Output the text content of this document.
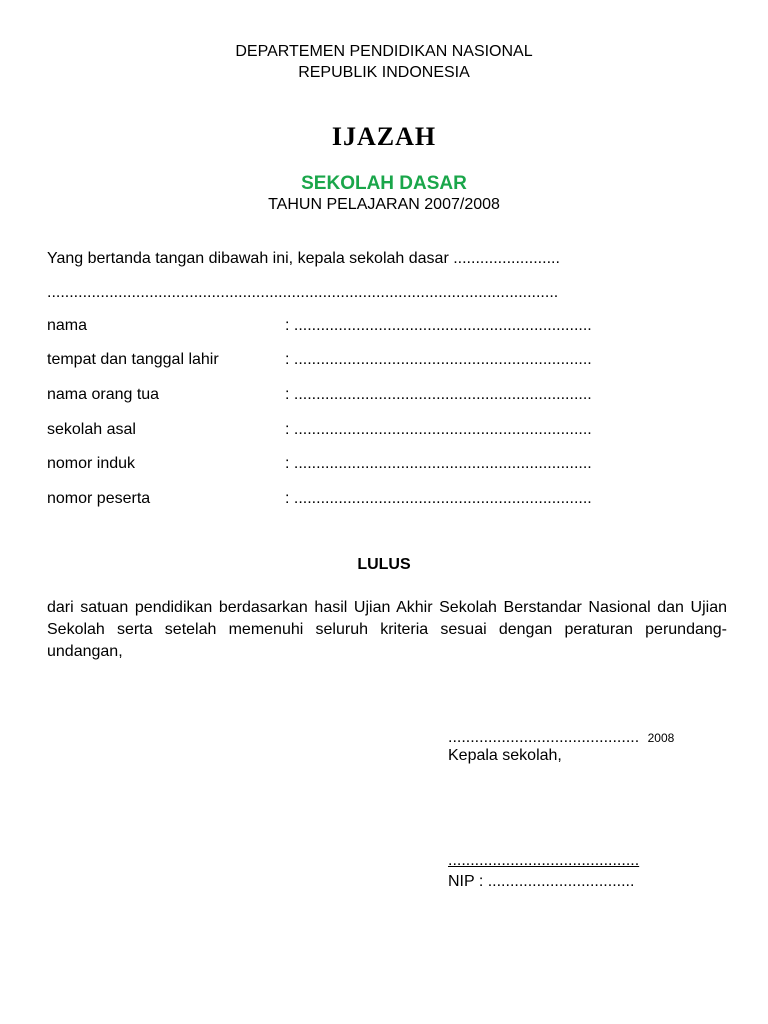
DEPARTEMEN PENDIDIKAN NASIONAL
REPUBLIK INDONESIA
IJAZAH
SEKOLAH DASAR
TAHUN PELAJARAN 2007/2008
Yang bertanda tangan dibawah ini, kepala sekolah dasar ........................
...................................................................................................................
nama	: ...................................................................
tempat dan tanggal lahir	: ...................................................................
nama orang tua	: ...................................................................
sekolah asal	: ...................................................................
nomor induk	: ...................................................................
nomor peserta	: ...................................................................
LULUS
dari satuan pendidikan berdasarkan hasil Ujian Akhir Sekolah Berstandar Nasional dan Ujian Sekolah serta setelah memenuhi seluruh kriteria sesuai dengan peraturan perundang-undangan,
........................................... 2008
Kepala sekolah,
...........................................
NIP : .................................
